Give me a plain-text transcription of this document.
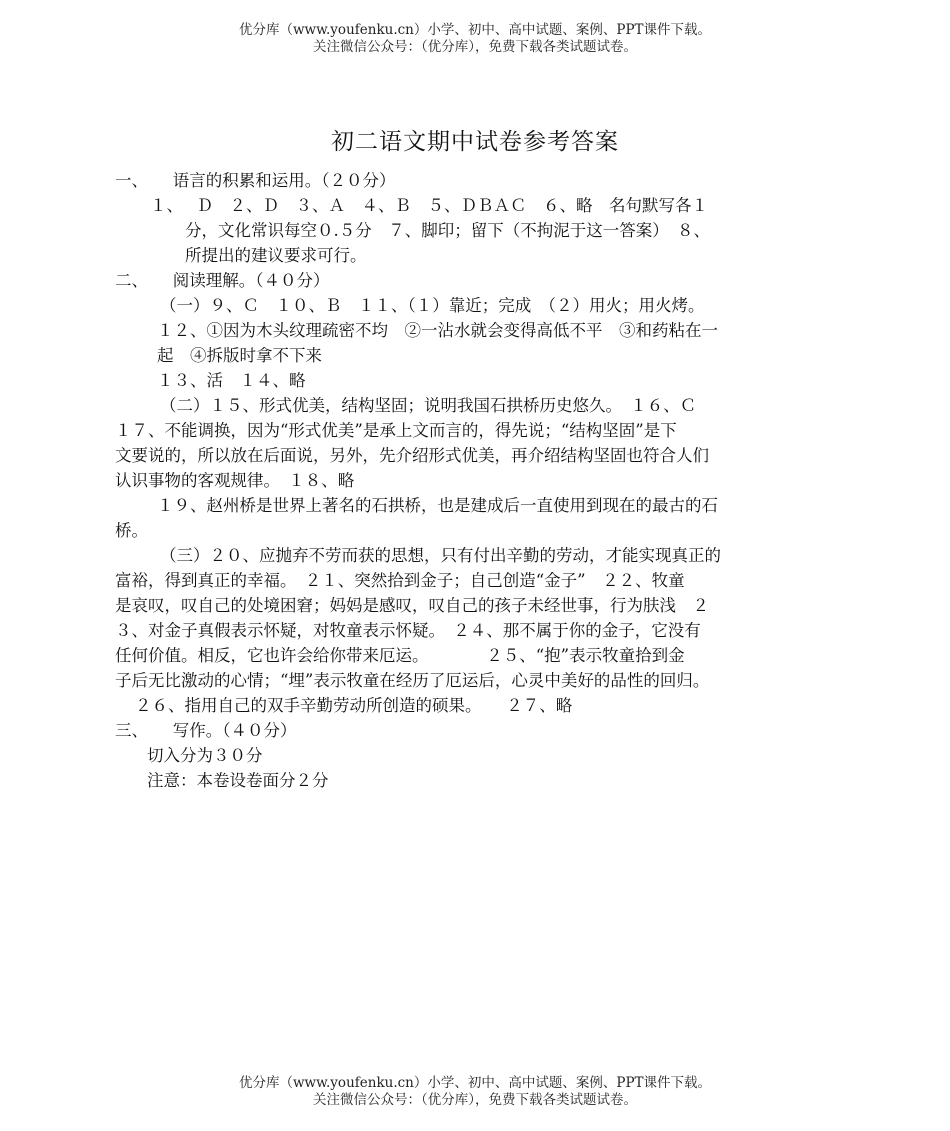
优分库（www.youfenku.cn）小学、初中、高中试题、案例、PPT课件下载。
关注微信公众号：（优分库），免费下载各类试题试卷。
初二语文期中试卷参考答案
一、　　语言的积累和运用。（２０分）
１、　 Ｄ　２、Ｄ　３、Ａ　４、Ｂ　５、ＤＢＡＣ　６、略　名句默写各１
分，文化常识每空０.５分　７、脚印；留下（不拘泥于这一答案）　８、
所提出的建议要求可行。
二、　　阅读理解。（４０分）
（一）９、Ｃ　１０、Ｂ　１１、（１）靠近；完成　（２）用火；用火烤。
１２、①因为木头纹理疏密不均　②一沾水就会变得高低不平　③和药粘在一
起　④拆版时拿不下来
１３、活　１４、略
（二）１５、形式优美，结构坚固；说明我国石拱桥历史悠久。　１６、Ｃ
１７、不能调换，因为“形式优美”是承上文而言的，得先说；“结构坚固”是下
文要说的，所以放在后面说，另外，先介绍形式优美，再介绍结构坚固也符合人们
认识事物的客观规律。　１８、略
１９、赵州桥是世界上著名的石拱桥，也是建成后一直使用到现在的最古的石
桥。
（三）２０、应抛弃不劳而获的思想，只有付出辛勤的劳动，才能实现真正的
富裕，得到真正的幸福。　２１、突然拾到金子；自己创造“金子”　２２、牧童
是哀叹，叹自己的处境困窘；妈妈是感叹，叹自己的孩子未经世事，行为肤浅　２
３、对金子真假表示怀疑，对牧童表示怀疑。　２４、那不属于你的金子，它没有
任何价值。相反，它也许会给你带来厄运。　　　　２５、“抱”表示牧童拾到金
子后无比激动的心情；“埋”表示牧童在经历了厄运后，心灵中美好的品性的回归。
２６、指用自己的双手辛勤劳动所创造的硕果。　　２７、略
三、　　写作。（４０分）
切入分为３０分
注意：本卷设卷面分２分
优分库（www.youfenku.cn）小学、初中、高中试题、案例、PPT课件下载。
关注微信公众号：（优分库），免费下载各类试题试卷。
